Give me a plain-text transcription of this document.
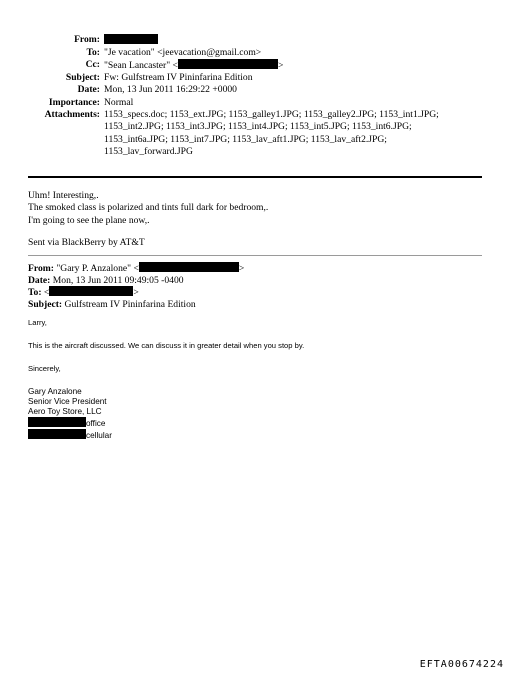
From:
To: "Je vacation" <jeevacation@gmail.com>
Cc: "Sean Lancaster" <	>
Subject: Fw: Gulfstream IV Pininfarina Edition
Date: Mon, 13 Jun 2011 16:29:22 +0000
Importance: Normal
Attachments: 1153_specs.doc; 1153_ext.JPG; 1153_galley1.JPG; 1153_galley2.JPG; 1153_int1.JPG;
1153_int2.JPG; 1153_int3.JPG; 1153_int4.JPG; 1153_int5.JPG; 1153_int6.JPG;
1153_int6a.JPG; 1153_int7.JPG; 1153_lav_aft1.JPG; 1153_lav_aft2.JPG;
1153_lav_forward.JPG
Uhm! Interesting,.
The smoked class is polarized and tints full dark for bedroom,.
I'm going to see the plane now,.
Sent via BlackBerry by AT&T
From: "Gary P. Anzalone" <	>
Date: Mon, 13 Jun 2011 09:49:05 -0400
To: <	>
Subject: Gulfstream IV Pininfarina Edition
Larry,
This is the aircraft discussed. We can discuss it in greater detail when you stop by.
Sincerely,
Gary Anzalone
Senior Vice President
Aero Toy Store, LLC
office
cellular
EFTA00674224
